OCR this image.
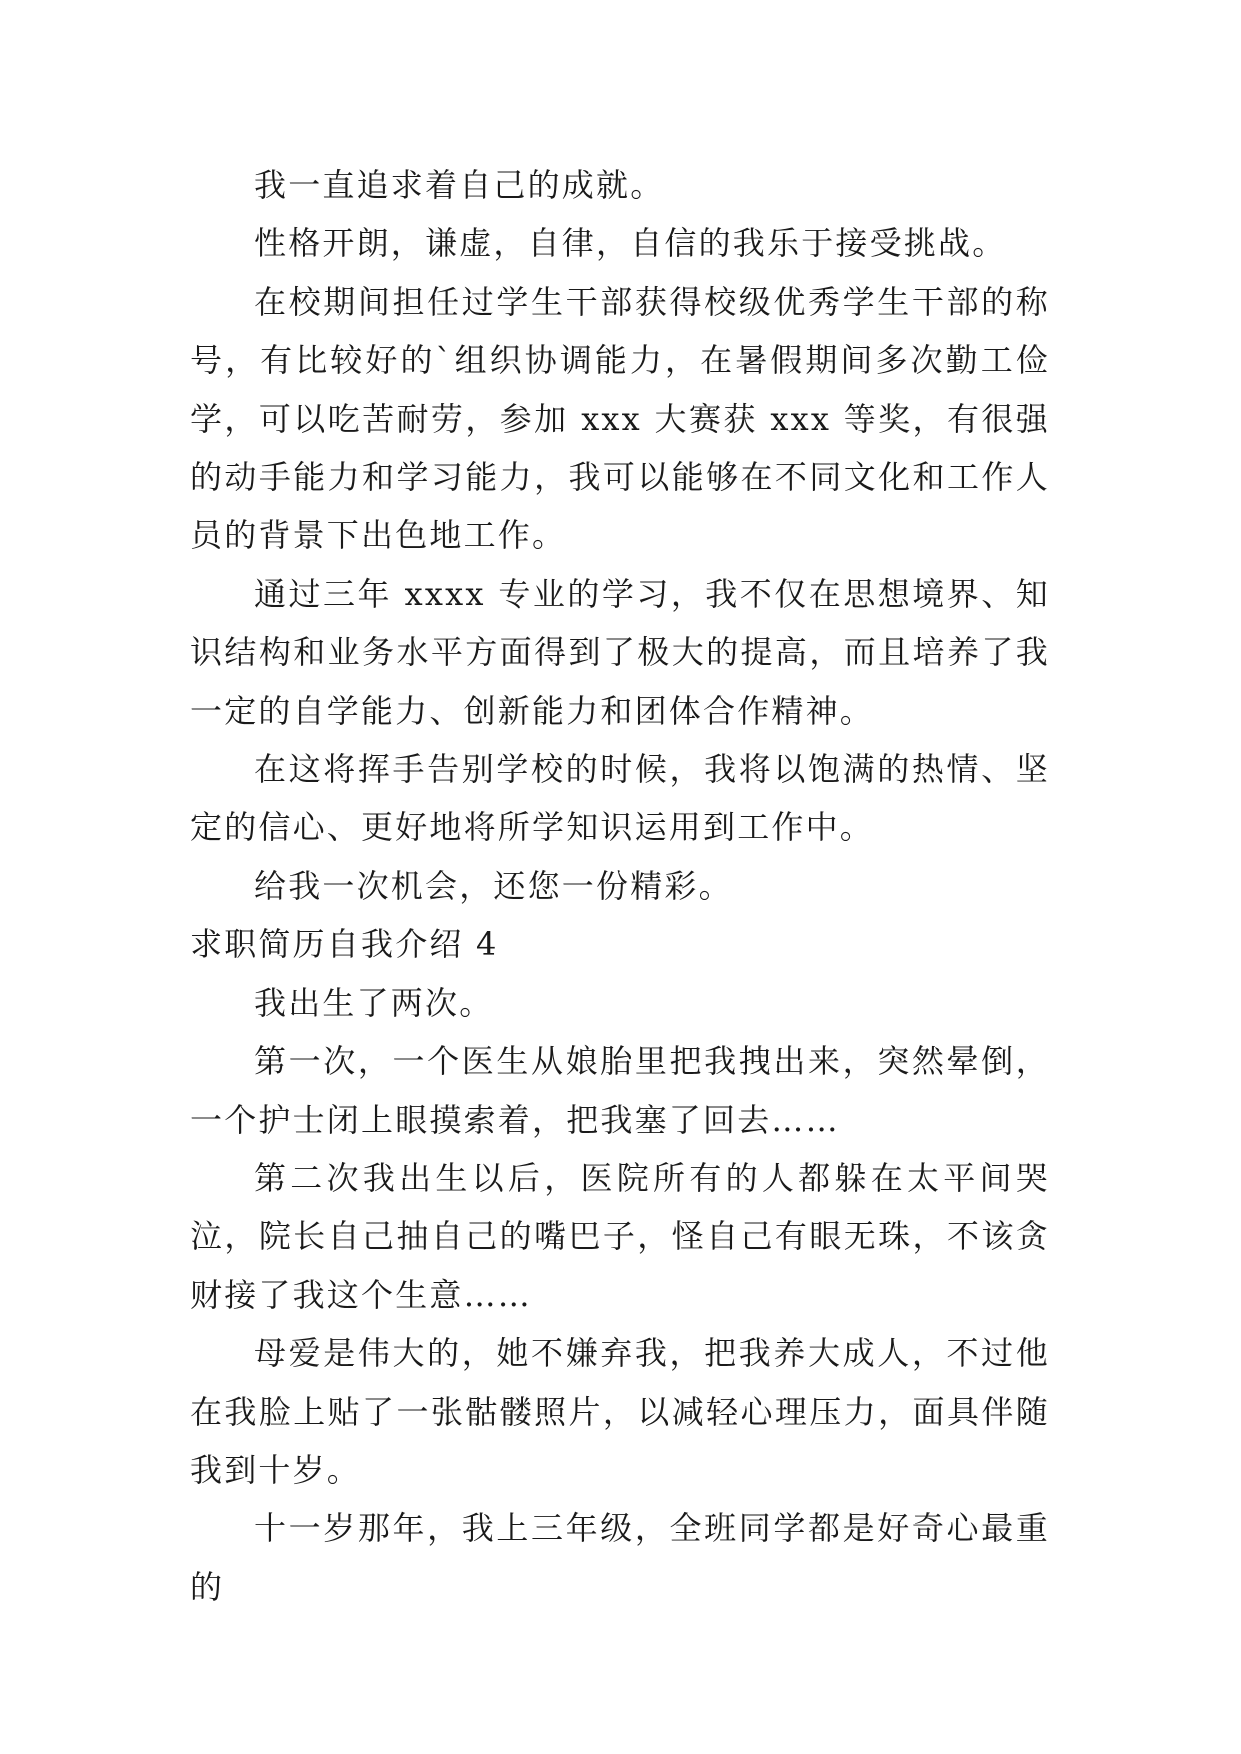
我一直追求着自己的成就。

性格开朗，谦虚，自律，自信的我乐于接受挑战。

在校期间担任过学生干部获得校级优秀学生干部的称号，有比较好的`组织协调能力，在暑假期间多次勤工俭学，可以吃苦耐劳，参加 xxx 大赛获 xxx 等奖，有很强的动手能力和学习能力，我可以能够在不同文化和工作人员的背景下出色地工作。

通过三年 xxxx 专业的学习，我不仅在思想境界、知识结构和业务水平方面得到了极大的提高，而且培养了我一定的自学能力、创新能力和团体合作精神。

在这将挥手告别学校的时候，我将以饱满的热情、坚定的信心、更好地将所学知识运用到工作中。

给我一次机会，还您一份精彩。

求职简历自我介绍 4

我出生了两次。

第一次，一个医生从娘胎里把我拽出来，突然晕倒，一个护士闭上眼摸索着，把我塞了回去……

第二次我出生以后，医院所有的人都躲在太平间哭泣，院长自己抽自己的嘴巴子，怪自己有眼无珠，不该贪财接了我这个生意……

母爱是伟大的，她不嫌弃我，把我养大成人，不过他在我脸上贴了一张骷髅照片，以减轻心理压力，面具伴随我到十岁。

十一岁那年，我上三年级，全班同学都是好奇心最重的
